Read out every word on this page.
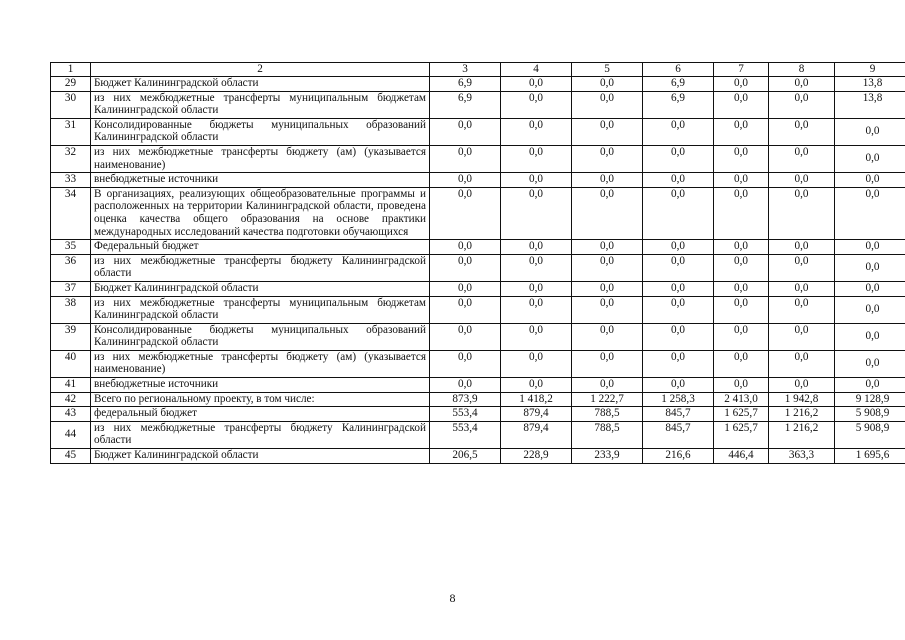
1	2	3	4	5	6	7	8	9
29	Бюджет Калининградской области	6,9	0,0	0,0	6,9	0,0	0,0	13,8
30	из них межбюджетные трансферты муниципальным бюджетам Калининградской области	6,9	0,0	0,0	6,9	0,0	0,0	13,8
31	Консолидированные бюджеты муниципальных образований Калининградской области	0,0	0,0	0,0	0,0	0,0	0,0	0,0
32	из них межбюджетные трансферты бюджету (ам) (указывается наименование)	0,0	0,0	0,0	0,0	0,0	0,0	0,0
33	внебюджетные источники	0,0	0,0	0,0	0,0	0,0	0,0	0,0
34	В организациях, реализующих общеобразовательные программы и расположенных на территории Калининградской области, проведена оценка качества общего образования на основе практики международных исследований качества подготовки обучающихся	0,0	0,0	0,0	0,0	0,0	0,0	0,0
35	Федеральный бюджет	0,0	0,0	0,0	0,0	0,0	0,0	0,0
36	из них межбюджетные трансферты бюджету Калининградской области	0,0	0,0	0,0	0,0	0,0	0,0	0,0
37	Бюджет Калининградской области	0,0	0,0	0,0	0,0	0,0	0,0	0,0
38	из них межбюджетные трансферты муниципальным бюджетам Калининградской области	0,0	0,0	0,0	0,0	0,0	0,0	0,0
39	Консолидированные бюджеты муниципальных образований Калининградской области	0,0	0,0	0,0	0,0	0,0	0,0	0,0
40	из них межбюджетные трансферты бюджету (ам) (указывается наименование)	0,0	0,0	0,0	0,0	0,0	0,0	0,0
41	внебюджетные источники	0,0	0,0	0,0	0,0	0,0	0,0	0,0
42	Всего по региональному проекту, в том числе:	873,9	1 418,2	1 222,7	1 258,3	2 413,0	1 942,8	9 128,9
43	федеральный бюджет	553,4	879,4	788,5	845,7	1 625,7	1 216,2	5 908,9
44	из них межбюджетные трансферты бюджету Калининградской области	553,4	879,4	788,5	845,7	1 625,7	1 216,2	5 908,9
45	Бюджет Калининградской области	206,5	228,9	233,9	216,6	446,4	363,3	1 695,6
8
